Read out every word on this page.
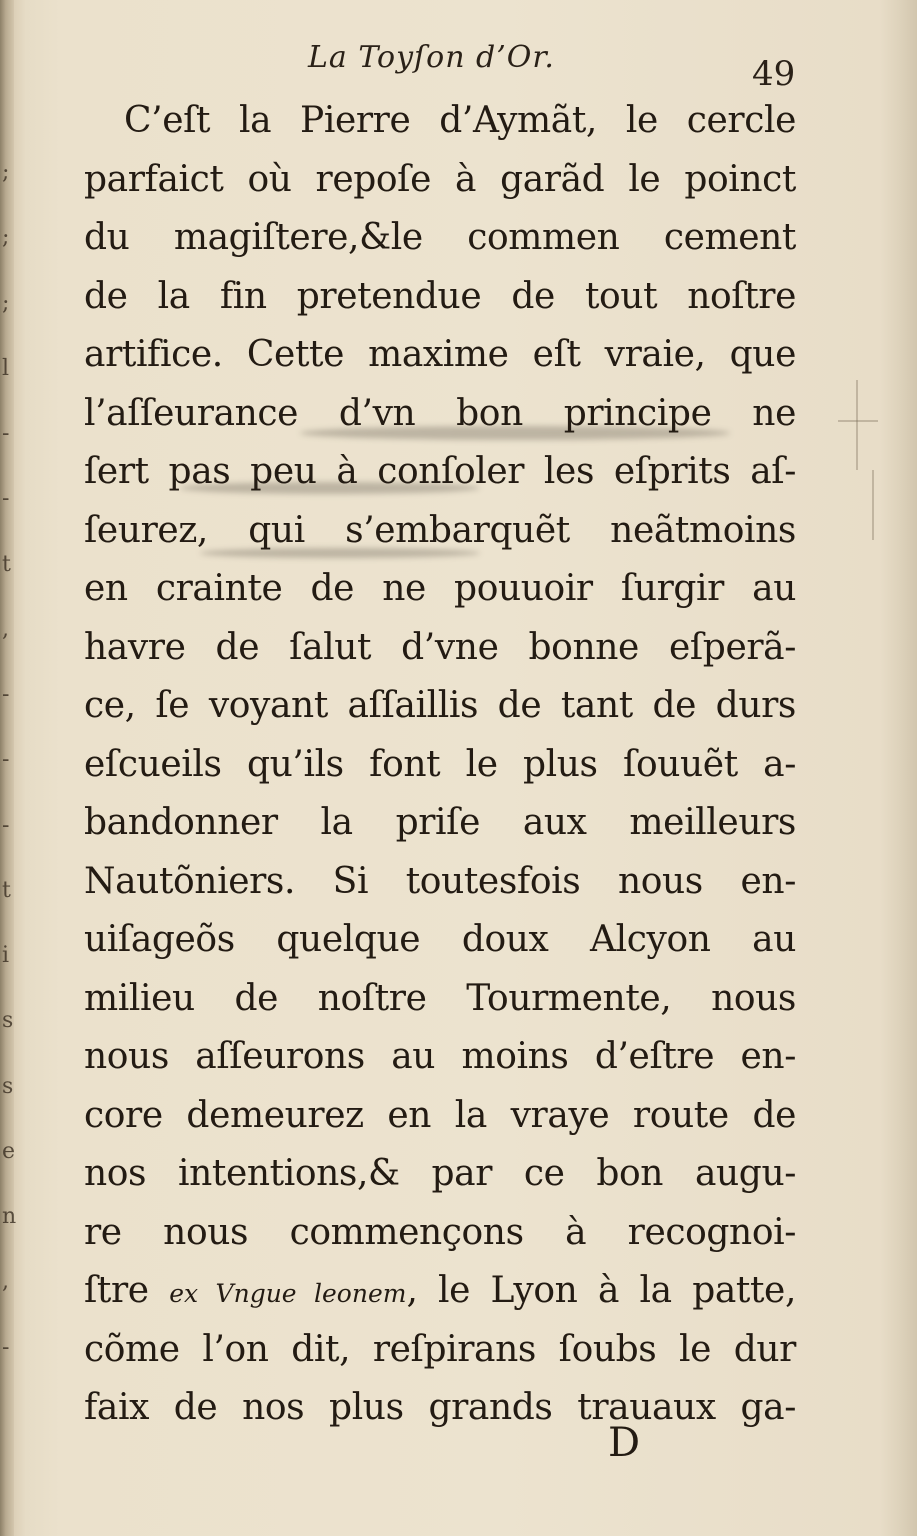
;
;
;
l
-
-
t
,
-
-
-
t
i
s
s
e
n
,
-
La Toyſon d’Or.	49
C’eſt la Pierre d’Aymãt, le cercle
parfaict où repoſe à garãd le poinct
du magiſtere,&le commen cement
de la fin pretendue de tout noſtre
artifice. Cette maxime eſt vraie, que
l’aſſeurance d’vn bon principe ne
ſert pas peu à conſoler les eſprits aſ-
ſeurez, qui s’embarquẽt neãtmoins
en crainte de ne pouuoir ſurgir au
havre de ſalut d’vne bonne eſperã-
ce, ſe voyant aſſaillis de tant de durs
eſcueils qu’ils font le plus ſouuẽt a-
bandonner la priſe aux meilleurs
Nautõniers. Si toutesfois nous en-
uiſageõs quelque doux Alcyon au
milieu de noſtre Tourmente, nous
nous aſſeurons au moins d’eſtre en-
core demeurez en la vraye route de
nos intentions,& par ce bon augu-
re nous commençons à recognoi-
ſtre ex Vngue leonem, le Lyon à la patte,
cõme l’on dit, reſpirans ſoubs le dur
faix de nos plus grands trauaux ga-
D
